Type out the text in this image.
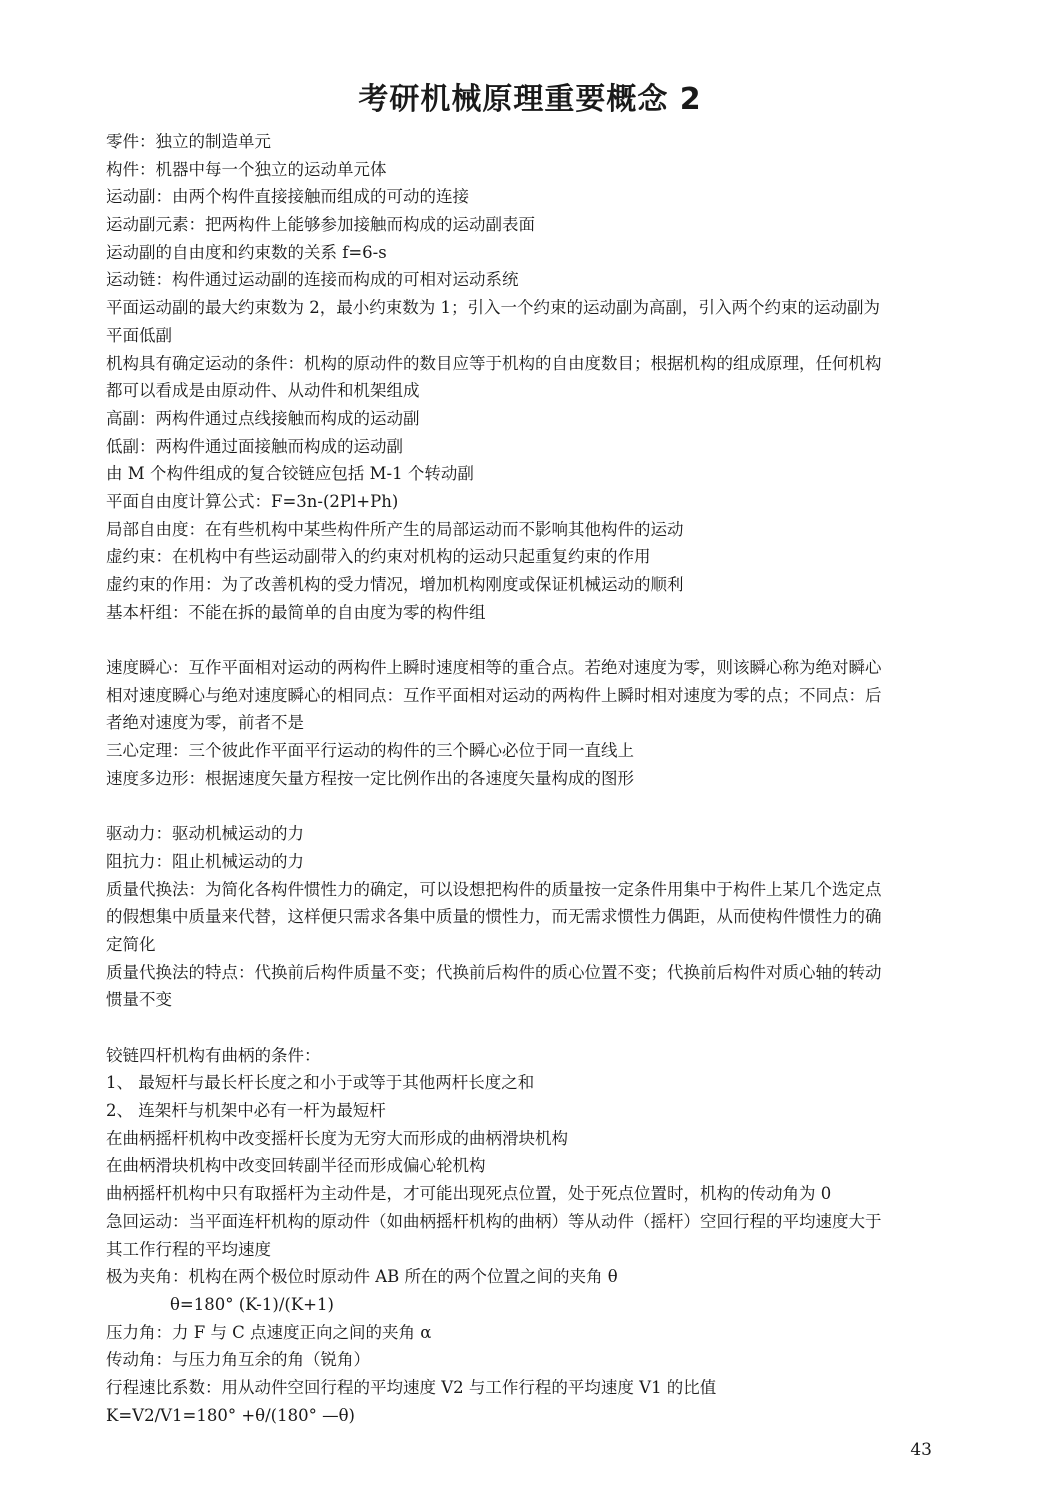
考研机械原理重要概念 2
零件：独立的制造单元
构件：机器中每一个独立的运动单元体
运动副：由两个构件直接接触而组成的可动的连接
运动副元素：把两构件上能够参加接触而构成的运动副表面
运动副的自由度和约束数的关系 f=6-s
运动链：构件通过运动副的连接而构成的可相对运动系统
平面运动副的最大约束数为 2，最小约束数为 1；引入一个约束的运动副为高副，引入两个约束的运动副为
平面低副
机构具有确定运动的条件：机构的原动件的数目应等于机构的自由度数目；根据机构的组成原理，任何机构
都可以看成是由原动件、从动件和机架组成
高副：两构件通过点线接触而构成的运动副
低副：两构件通过面接触而构成的运动副
由 M 个构件组成的复合铰链应包括 M-1 个转动副
平面自由度计算公式：F=3n-(2Pl+Ph)
局部自由度：在有些机构中某些构件所产生的局部运动而不影响其他构件的运动
虚约束：在机构中有些运动副带入的约束对机构的运动只起重复约束的作用
虚约束的作用：为了改善机构的受力情况，增加机构刚度或保证机械运动的顺利
基本杆组：不能在拆的最简单的自由度为零的构件组
速度瞬心：互作平面相对运动的两构件上瞬时速度相等的重合点。若绝对速度为零，则该瞬心称为绝对瞬心
相对速度瞬心与绝对速度瞬心的相同点：互作平面相对运动的两构件上瞬时相对速度为零的点；不同点：后
者绝对速度为零，前者不是
三心定理：三个彼此作平面平行运动的构件的三个瞬心必位于同一直线上
速度多边形：根据速度矢量方程按一定比例作出的各速度矢量构成的图形
驱动力：驱动机械运动的力
阻抗力：阻止机械运动的力
质量代换法：为简化各构件惯性力的确定，可以设想把构件的质量按一定条件用集中于构件上某几个选定点
的假想集中质量来代替，这样便只需求各集中质量的惯性力，而无需求惯性力偶距，从而使构件惯性力的确
定简化
质量代换法的特点：代换前后构件质量不变；代换前后构件的质心位置不变；代换前后构件对质心轴的转动
惯量不变
铰链四杆机构有曲柄的条件：
1、 最短杆与最长杆长度之和小于或等于其他两杆长度之和
2、 连架杆与机架中必有一杆为最短杆
在曲柄摇杆机构中改变摇杆长度为无穷大而形成的曲柄滑块机构
在曲柄滑块机构中改变回转副半径而形成偏心轮机构
曲柄摇杆机构中只有取摇杆为主动件是，才可能出现死点位置，处于死点位置时，机构的传动角为 0
急回运动：当平面连杆机构的原动件（如曲柄摇杆机构的曲柄）等从动件（摇杆）空回行程的平均速度大于
其工作行程的平均速度
极为夹角：机构在两个极位时原动件 AB 所在的两个位置之间的夹角 θ
θ=180° (K-1)/(K+1)
压力角：力 F 与 C 点速度正向之间的夹角 α
传动角：与压力角互余的角（锐角）
行程速比系数：用从动件空回行程的平均速度 V2 与工作行程的平均速度 V1 的比值
K=V2/V1=180° +θ/(180° —θ)
43
